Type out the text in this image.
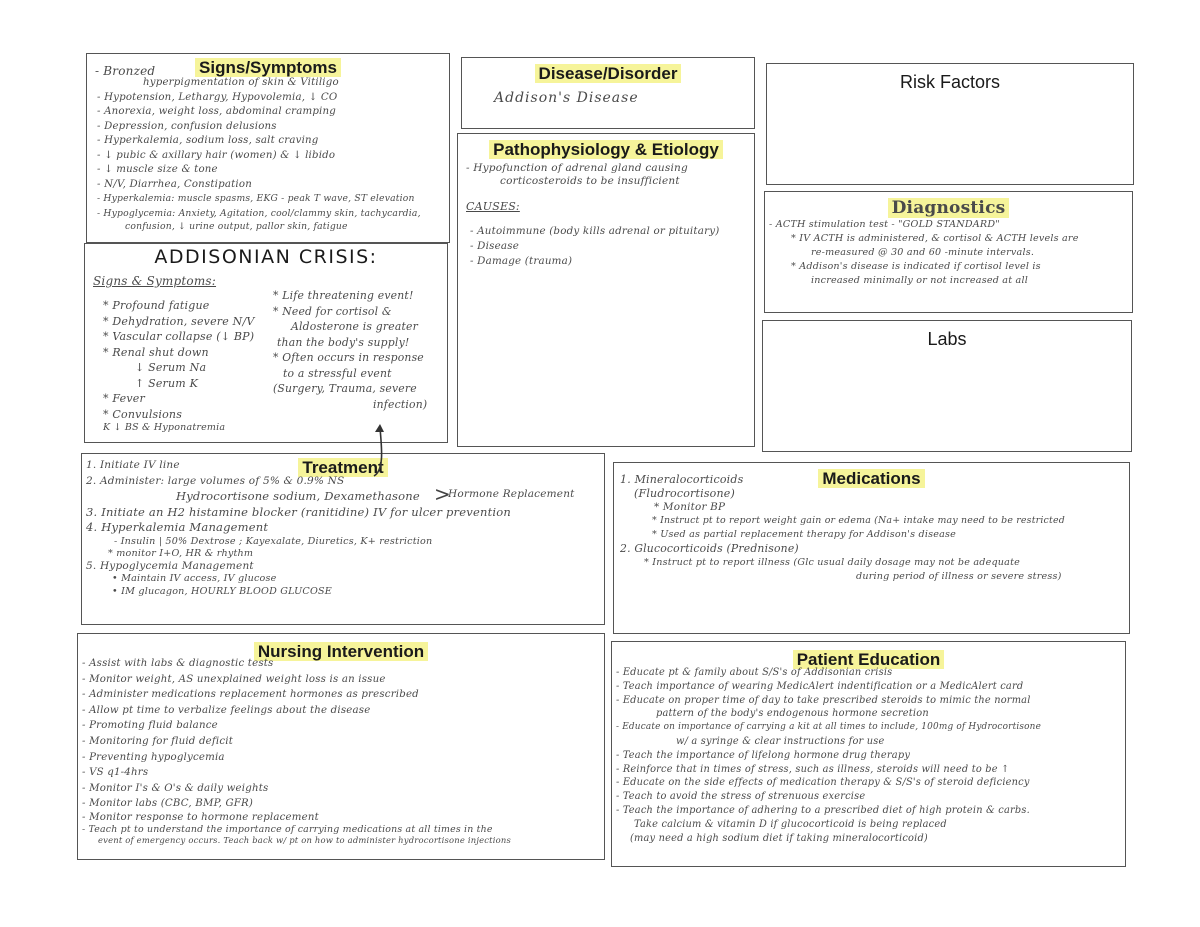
Signs/Symptoms
- Bronzed
hyperpigmentation of skin & Vitiligo
- Hypotension, Lethargy, Hypovolemia, ↓ CO
- Anorexia, weight loss, abdominal cramping
- Depression, confusion delusions
- Hyperkalemia, sodium loss, salt craving
- ↓ pubic & axillary hair (women) & ↓ libido
- ↓ muscle size & tone
- N/V, Diarrhea, Constipation
- Hyperkalemia: muscle spasms, EKG - peak T wave, ST elevation
- Hypoglycemia: Anxiety, Agitation, cool/clammy skin, tachycardia,
confusion, ↓ urine output, pallor skin, fatigue
ADDISONIAN CRISIS:
Signs & Symptoms:
* Profound fatigue
* Dehydration, severe N/V
* Vascular collapse (↓ BP)
* Renal shut down
↓ Serum Na
↑ Serum K
* Fever
* Convulsions
K ↓ BS & Hyponatremia
* Life threatening event!
* Need for cortisol &
Aldosterone is greater
than the body's supply!
* Often occurs in response
to a stressful event
(Surgery, Trauma, severe
infection)
Disease/Disorder
Addison's Disease
Pathophysiology & Etiology
- Hypofunction of adrenal gland causing
corticosteroids to be insufficient
CAUSES:
- Autoimmune (body kills adrenal or pituitary)
- Disease
- Damage (trauma)
Risk Factors
Diagnostics
- ACTH stimulation test - "GOLD STANDARD"
* IV ACTH is administered, & cortisol & ACTH levels are
re-measured @ 30 and 60 -minute intervals.
* Addison's disease is indicated if cortisol level is
increased minimally or not increased at all
Labs
Treatment
1. Initiate IV line
2. Administer: large volumes of 5% & 0.9% NS
Hydrocortisone sodium, Dexamethasone
3. Initiate an H2 histamine blocker (ranitidine) IV for ulcer prevention
4. Hyperkalemia Management
- Insulin | 50% Dextrose ; Kayexalate, Diuretics, K+ restriction
* monitor I+O, HR & rhythm
5. Hypoglycemia Management
• Maintain IV access, IV glucose
• IM glucagon, HOURLY BLOOD GLUCOSE
>
Hormone Replacement
Medications
1. Mineralocorticoids
(Fludrocortisone)
* Monitor BP
* Instruct pt to report weight gain or edema (Na+ intake may need to be restricted
* Used as partial replacement therapy for Addison's disease
2. Glucocorticoids (Prednisone)
* Instruct pt to report illness (Glc usual daily dosage may not be adequate
during period of illness or severe stress)
Nursing Intervention
- Assist with labs & diagnostic tests
- Monitor weight, AS unexplained weight loss is an issue
- Administer medications replacement hormones as prescribed
- Allow pt time to verbalize feelings about the disease
- Promoting fluid balance
- Monitoring for fluid deficit
- Preventing hypoglycemia
- VS q1-4hrs
- Monitor I's & O's & daily weights
- Monitor labs (CBC, BMP, GFR)
- Monitor response to hormone replacement
- Teach pt to understand the importance of carrying medications at all times in the
event of emergency occurs. Teach back w/ pt on how to administer hydrocortisone injections
Patient Education
- Educate pt & family about S/S's of Addisonian crisis
- Teach importance of wearing MedicAlert indentification or a MedicAlert card
- Educate on proper time of day to take prescribed steroids to mimic the normal
pattern of the body's endogenous hormone secretion
- Educate on importance of carrying a kit at all times to include, 100mg of Hydrocortisone
w/ a syringe & clear instructions for use
- Teach the importance of lifelong hormone drug therapy
- Reinforce that in times of stress, such as illness, steroids will need to be ↑
- Educate on the side effects of medication therapy & S/S's of steroid deficiency
- Teach to avoid the stress of strenuous exercise
- Teach the importance of adhering to a prescribed diet of high protein & carbs.
Take calcium & vitamin D if glucocorticoid is being replaced
(may need a high sodium diet if taking mineralocorticoid)
